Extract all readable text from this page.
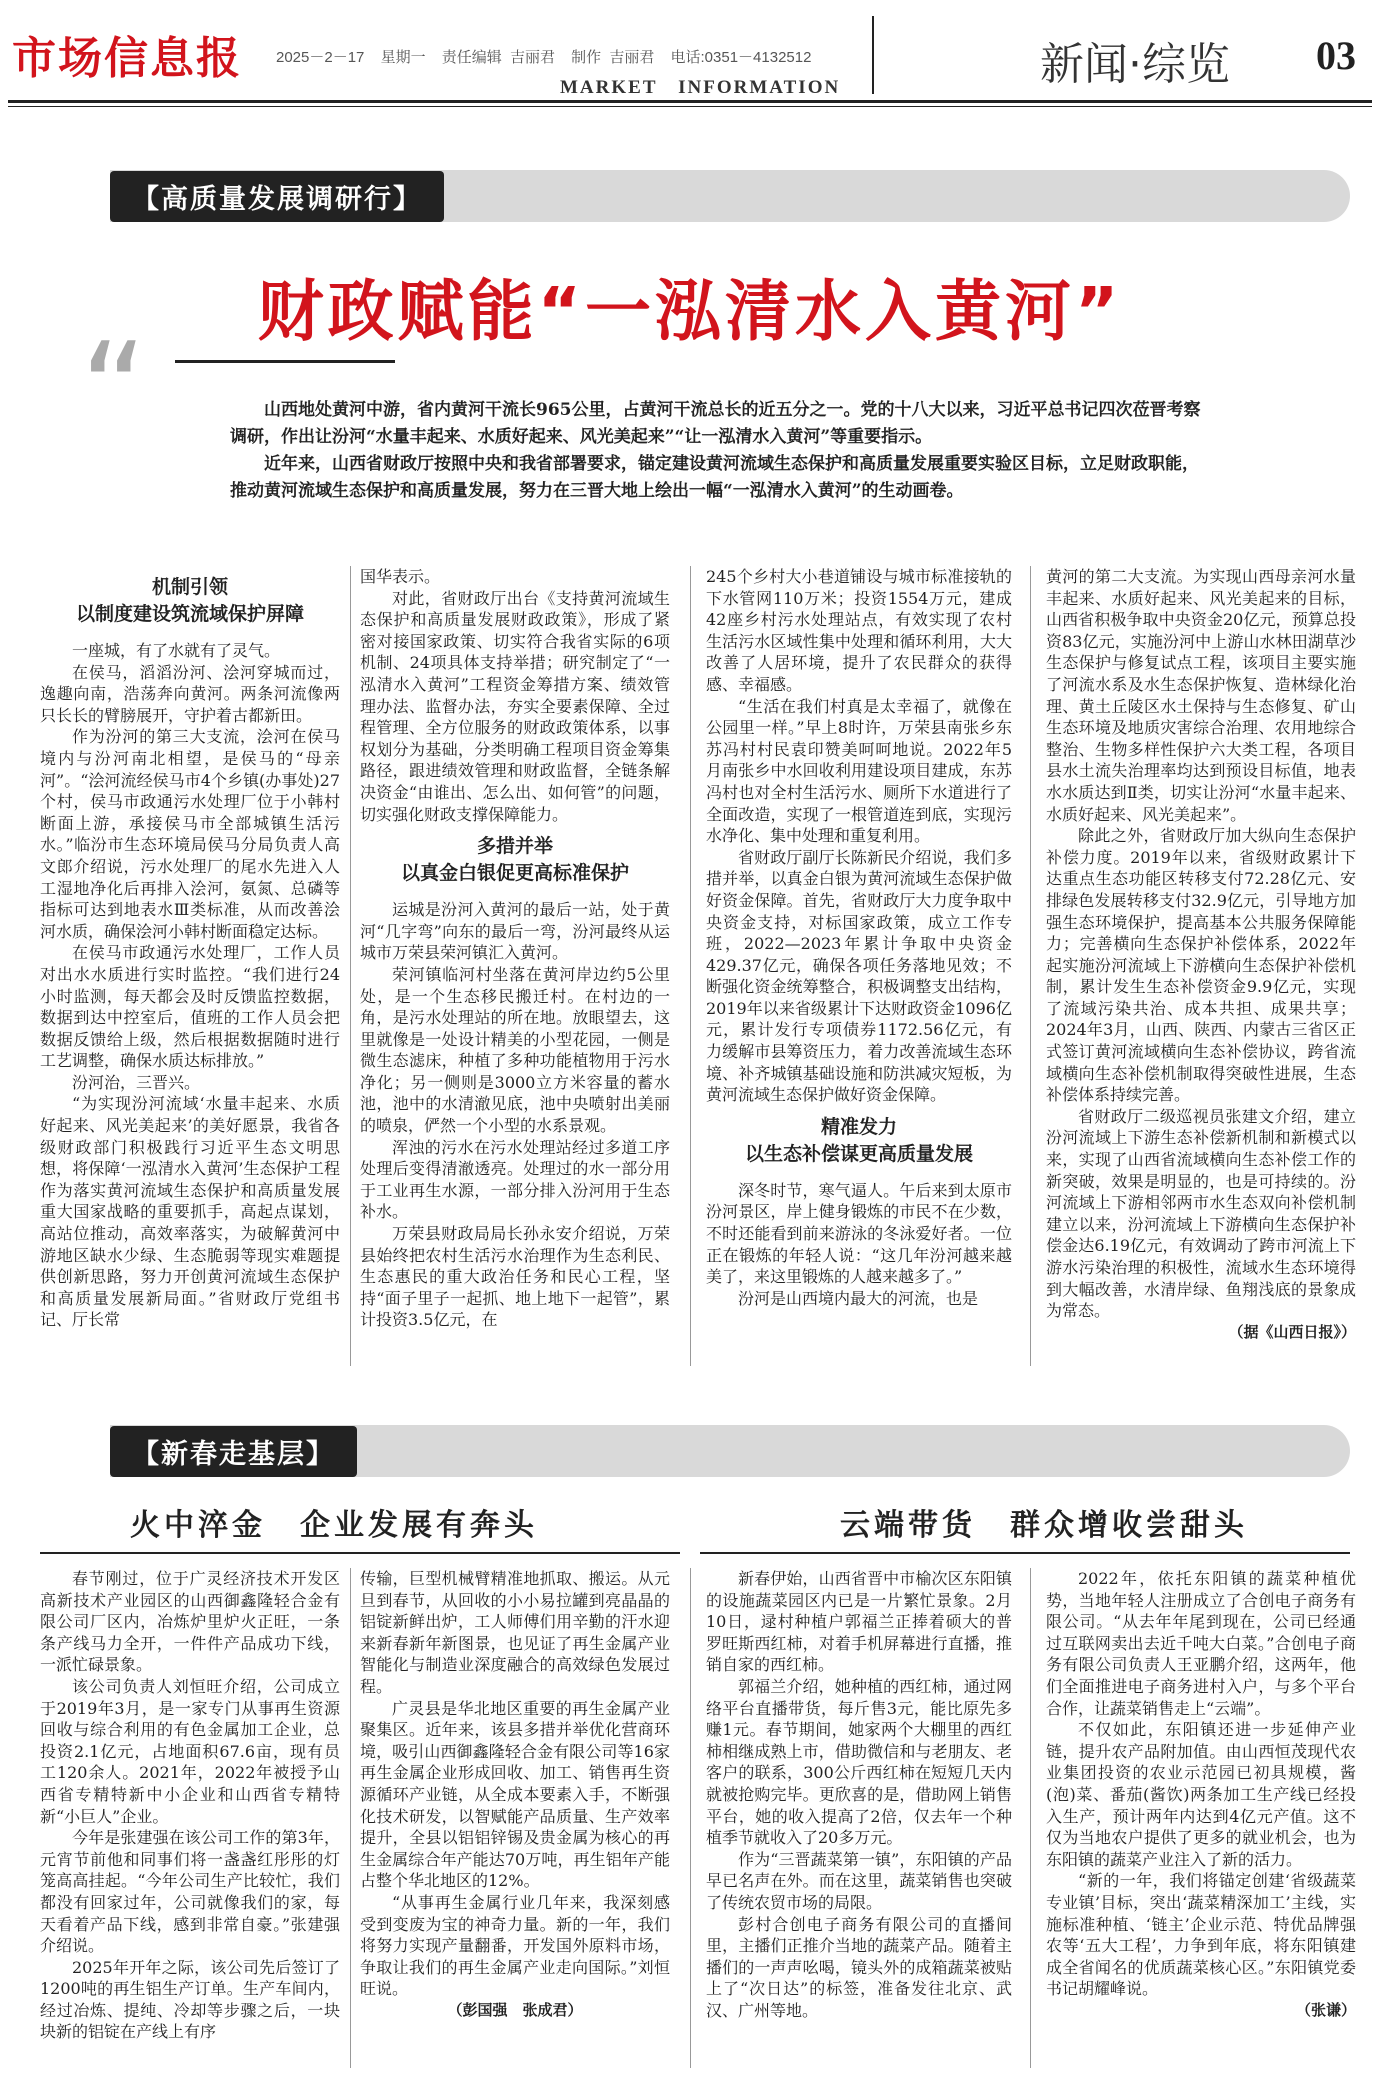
市场信息报 2025－2－17 星期一 责任编辑 吉丽君 制作 吉丽君 电话:0351－4132512
MARKET　INFORMATION	新闻·综览 03
【高质量发展调研行】
财政赋能“一泓清水入黄河”
“	山西地处黄河中游，省内黄河干流长965公里，占黄河干流总长的近五分之一。党的十八大以来，习近平总书记四次莅晋考察调研，作出让汾河“水量丰起来、水质好起来、风光美起来”“让一泓清水入黄河”等重要指示。

近年来，山西省财政厅按照中央和我省部署要求，锚定建设黄河流域生态保护和高质量发展重要实验区目标，立足财政职能，推动黄河流域生态保护和高质量发展，努力在三晋大地上绘出一幅“一泓清水入黄河”的生动画卷。

机制引领
以制度建设筑流域保护屏障

一座城，有了水就有了灵气。

在侯马，滔滔汾河、浍河穿城而过，逸趣向南，浩荡奔向黄河。两条河流像两只长长的臂膀展开，守护着古都新田。

作为汾河的第三大支流，浍河在侯马境内与汾河南北相望，是侯马的“母亲河”。“浍河流经侯马市4个乡镇(办事处)27个村，侯马市政通污水处理厂位于小韩村断面上游，承接侯马市全部城镇生活污水。”临汾市生态环境局侯马分局负责人高文郎介绍说，污水处理厂的尾水先进入人工湿地净化后再排入浍河，氨氮、总磷等指标可达到地表水Ⅲ类标准，从而改善浍河水质，确保浍河小韩村断面稳定达标。

在侯马市政通污水处理厂，工作人员对出水水质进行实时监控。“我们进行24小时监测，每天都会及时反馈监控数据，数据到达中控室后，值班的工作人员会把数据反馈给上级，然后根据数据随时进行工艺调整，确保水质达标排放。”

汾河治，三晋兴。

“为实现汾河流域‘水量丰起来、水质好起来、风光美起来’的美好愿景，我省各级财政部门积极践行习近平生态文明思想，将保障‘一泓清水入黄河’生态保护工程作为落实黄河流域生态保护和高质量发展重大国家战略的重要抓手，高起点谋划，高站位推动，高效率落实，为破解黄河中游地区缺水少绿、生态脆弱等现实难题提供创新思路，努力开创黄河流域生态保护和高质量发展新局面。”省财政厅党组书记、厅长常

国华表示。

对此，省财政厅出台《支持黄河流域生态保护和高质量发展财政政策》，形成了紧密对接国家政策、切实符合我省实际的6项机制、24项具体支持举措；研究制定了“一泓清水入黄河”工程资金筹措方案、绩效管理办法、监督办法，夯实全要素保障、全过程管理、全方位服务的财政政策体系，以事权划分为基础，分类明确工程项目资金筹集路径，跟进绩效管理和财政监督，全链条解决资金“由谁出、怎么出、如何管”的问题，切实强化财政支撑保障能力。

多措并举
以真金白银促更高标准保护

运城是汾河入黄河的最后一站，处于黄河“几字弯”向东的最后一弯，汾河最终从运城市万荣县荣河镇汇入黄河。

荣河镇临河村坐落在黄河岸边约5公里处，是一个生态移民搬迁村。在村边的一角，是污水处理站的所在地。放眼望去，这里就像是一处设计精美的小型花园，一侧是微生态滤床，种植了多种功能植物用于污水净化；另一侧则是3000立方米容量的蓄水池，池中的水清澈见底，池中央喷射出美丽的喷泉，俨然一个小型的水系景观。

浑浊的污水在污水处理站经过多道工序处理后变得清澈透亮。处理过的水一部分用于工业再生水源，一部分排入汾河用于生态补水。

万荣县财政局局长孙永安介绍说，万荣县始终把农村生活污水治理作为生态利民、生态惠民的重大政治任务和民心工程，坚持“面子里子一起抓、地上地下一起管”，累计投资3.5亿元，在

245个乡村大小巷道铺设与城市标准接轨的下水管网110万米；投资1554万元，建成42座乡村污水处理站点，有效实现了农村生活污水区域性集中处理和循环利用，大大改善了人居环境，提升了农民群众的获得感、幸福感。

“生活在我们村真是太幸福了，就像在公园里一样。”早上8时许，万荣县南张乡东苏冯村村民袁印赞美呵呵地说。2022年5月南张乡中水回收利用建设项目建成，东苏冯村也对全村生活污水、厕所下水道进行了全面改造，实现了一根管道连到底，实现污水净化、集中处理和重复利用。

省财政厅副厅长陈新民介绍说，我们多措并举，以真金白银为黄河流域生态保护做好资金保障。首先，省财政厅大力度争取中央资金支持，对标国家政策，成立工作专班，2022—2023年累计争取中央资金429.37亿元，确保各项任务落地见效；不断强化资金统筹整合，积极调整支出结构，2019年以来省级累计下达财政资金1096亿元，累计发行专项债券1172.56亿元，有力缓解市县筹资压力，着力改善流域生态环境、补齐城镇基础设施和防洪减灾短板，为黄河流域生态保护做好资金保障。

精准发力
以生态补偿谋更高质量发展

深冬时节，寒气逼人。午后来到太原市汾河景区，岸上健身锻炼的市民不在少数，不时还能看到前来游泳的冬泳爱好者。一位正在锻炼的年轻人说：“这几年汾河越来越美了，来这里锻炼的人越来越多了。”

汾河是山西境内最大的河流，也是

黄河的第二大支流。为实现山西母亲河水量丰起来、水质好起来、风光美起来的目标，山西省积极争取中央资金20亿元，预算总投资83亿元，实施汾河中上游山水林田湖草沙生态保护与修复试点工程，该项目主要实施了河流水系及水生态保护恢复、造林绿化治理、黄土丘陵区水土保持与生态修复、矿山生态环境及地质灾害综合治理、农用地综合整治、生物多样性保护六大类工程，各项目县水土流失治理率均达到预设目标值，地表水水质达到Ⅱ类，切实让汾河“水量丰起来、水质好起来、风光美起来”。

除此之外，省财政厅加大纵向生态保护补偿力度。2019年以来，省级财政累计下达重点生态功能区转移支付72.28亿元、安排绿色发展转移支付32.9亿元，引导地方加强生态环境保护，提高基本公共服务保障能力；完善横向生态保护补偿体系，2022年起实施汾河流域上下游横向生态保护补偿机制，累计发生生态补偿资金9.9亿元，实现了流域污染共治、成本共担、成果共享；2024年3月，山西、陕西、内蒙古三省区正式签订黄河流域横向生态补偿协议，跨省流域横向生态补偿机制取得突破性进展，生态补偿体系持续完善。

省财政厅二级巡视员张建文介绍，建立汾河流域上下游生态补偿新机制和新模式以来，实现了山西省流域横向生态补偿工作的新突破，效果是明显的，也是可持续的。汾河流域上下游相邻两市水生态双向补偿机制建立以来，汾河流域上下游横向生态保护补偿金达6.19亿元，有效调动了跨市河流上下游水污染治理的积极性，流域水生态环境得到大幅改善，水清岸绿、鱼翔浅底的景象成为常态。

（据《山西日报》）
【新春走基层】
火中淬金　企业发展有奔头	云端带货　群众增收尝甜头

春节刚过，位于广灵经济技术开发区高新技术产业园区的山西御鑫隆轻合金有限公司厂区内，冶炼炉里炉火正旺，一条条产线马力全开，一件件产品成功下线，一派忙碌景象。

该公司负责人刘恒旺介绍，公司成立于2019年3月，是一家专门从事再生资源回收与综合利用的有色金属加工企业，总投资2.1亿元，占地面积67.6亩，现有员工120余人。2021年，2022年被授予山西省专精特新中小企业和山西省专精特新“小巨人”企业。

今年是张建强在该公司工作的第3年，元宵节前他和同事们将一盏盏红彤彤的灯笼高高挂起。“今年公司生产比较忙，我们都没有回家过年，公司就像我们的家，每天看着产品下线，感到非常自豪。”张建强介绍说。

2025年开年之际，该公司先后签订了1200吨的再生铝生产订单。生产车间内，经过冶炼、提纯、冷却等步骤之后，一块块新的铝锭在产线上有序

传输，巨型机械臂精准地抓取、搬运。从元旦到春节，从回收的小小易拉罐到亮晶晶的铝锭新鲜出炉，工人师傅们用辛勤的汗水迎来新春新年新图景，也见证了再生金属产业智能化与制造业深度融合的高效绿色发展过程。

广灵县是华北地区重要的再生金属产业聚集区。近年来，该县多措并举优化营商环境，吸引山西御鑫隆轻合金有限公司等16家再生金属企业形成回收、加工、销售再生资源循环产业链，从全成本要素入手，不断强化技术研发，以智赋能产品质量、生产效率提升，全县以铝铝锌锡及贵金属为核心的再生金属综合年产能达70万吨，再生铝年产能占整个华北地区的12%。

“从事再生金属行业几年来，我深刻感受到变废为宝的神奇力量。新的一年，我们将努力实现产量翻番，开发国外原料市场，争取让我们的再生金属产业走向国际。”刘恒旺说。

（彭国强　张成君）

新春伊始，山西省晋中市榆次区东阳镇的设施蔬菜园区内已是一片繁忙景象。2月10日，逯村种植户郭福兰正捧着硕大的普罗旺斯西红柿，对着手机屏幕进行直播，推销自家的西红柿。

郭福兰介绍，她种植的西红柿，通过网络平台直播带货，每斤售3元，能比原先多赚1元。春节期间，她家两个大棚里的西红柿相继成熟上市，借助微信和与老朋友、老客户的联系，300公斤西红柿在短短几天内就被抢购完毕。更欣喜的是，借助网上销售平台，她的收入提高了2倍，仅去年一个种植季节就收入了20多万元。

作为“三晋蔬菜第一镇”，东阳镇的产品早已名声在外。而在这里，蔬菜销售也突破了传统农贸市场的局限。

彭村合创电子商务有限公司的直播间里，主播们正推介当地的蔬菜产品。随着主播们的一声声吆喝，镜头外的成箱蔬菜被贴上了“次日达”的标签，准备发往北京、武汉、广州等地。

2022年，依托东阳镇的蔬菜种植优势，当地年轻人注册成立了合创电子商务有限公司。“从去年年尾到现在，公司已经通过互联网卖出去近千吨大白菜。”合创电子商务有限公司负责人王亚鹏介绍，这两年，他们全面推进电子商务进村入户，与多个平台合作，让蔬菜销售走上“云端”。

不仅如此，东阳镇还进一步延伸产业链，提升农产品附加值。由山西恒茂现代农业集团投资的农业示范园已初具规模，酱(泡)菜、番茄(酱饮)两条加工生产线已经投入生产，预计两年内达到4亿元产值。这不仅为当地农户提供了更多的就业机会，也为东阳镇的蔬菜产业注入了新的活力。

“新的一年，我们将锚定创建‘省级蔬菜专业镇’目标，突出‘蔬菜精深加工’主线，实施标准种植、‘链主’企业示范、特优品牌强农等‘五大工程’，力争到年底，将东阳镇建成全省闻名的优质蔬菜核心区。”东阳镇党委书记胡耀峰说。

（张谦）
